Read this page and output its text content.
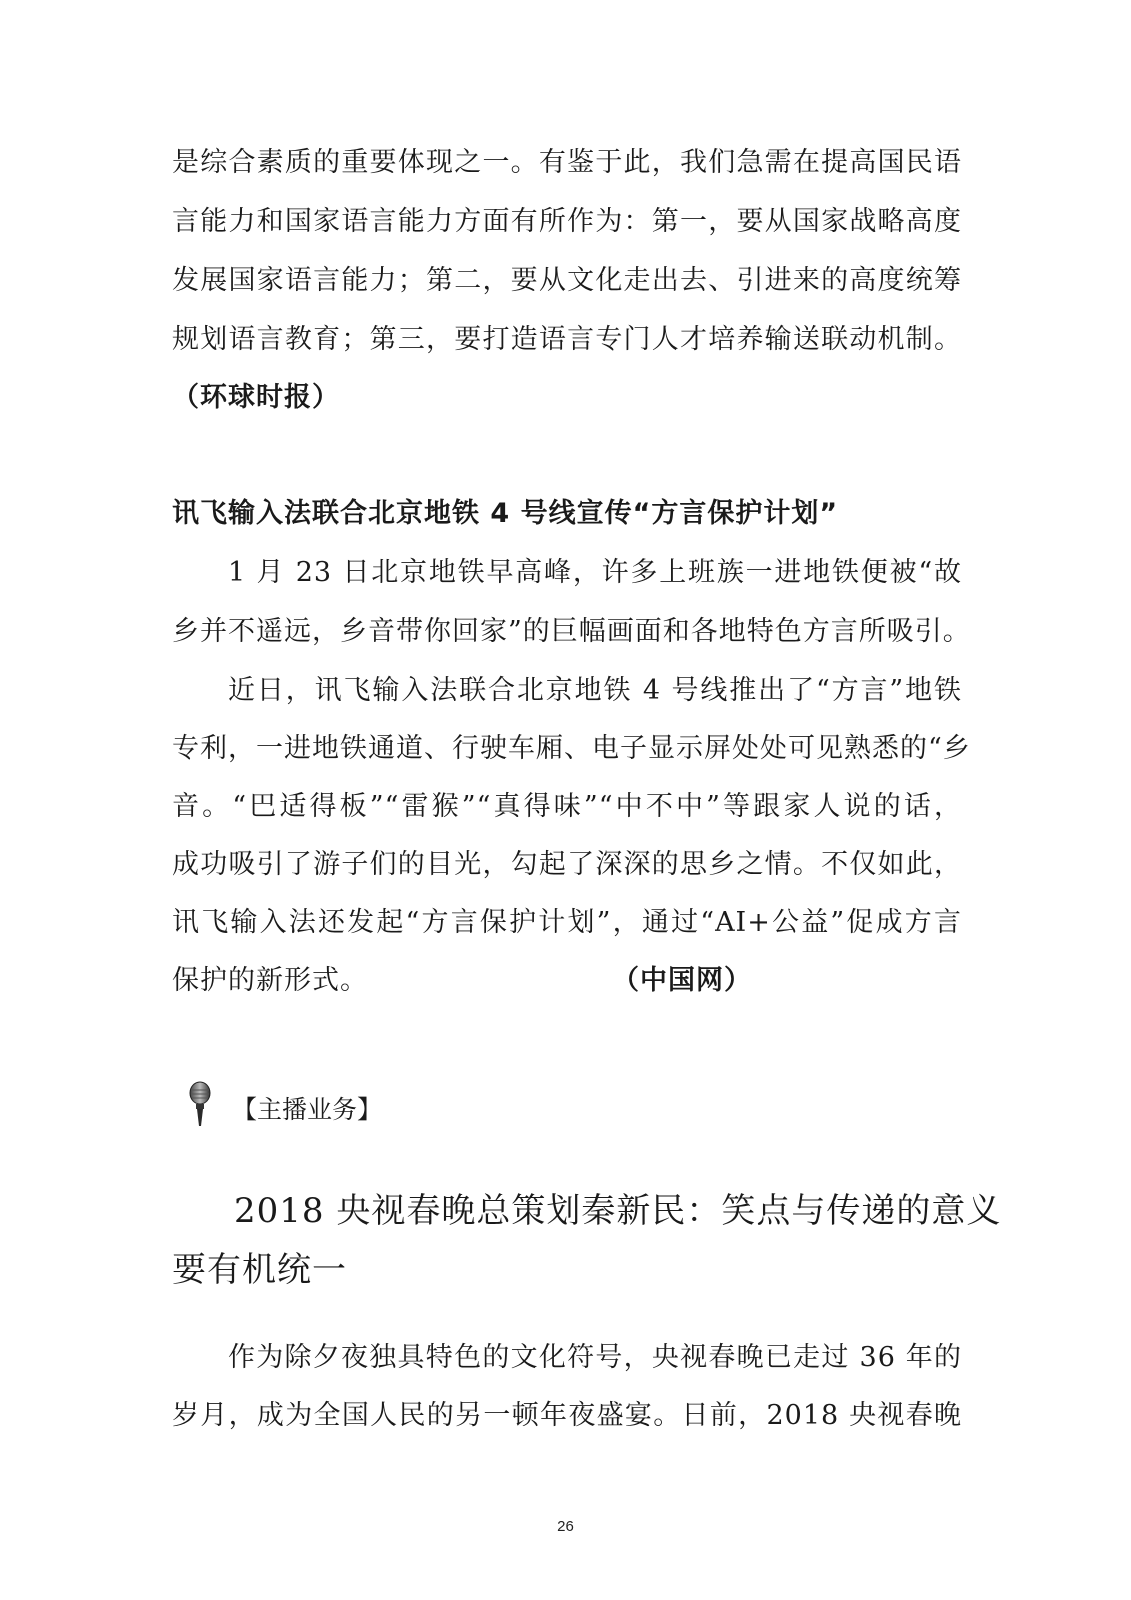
是综合素质的重要体现之一。有鉴于此，我们急需在提高国民语
言能力和国家语言能力方面有所作为：第一，要从国家战略高度
发展国家语言能力；第二，要从文化走出去、引进来的高度统筹
规划语言教育；第三，要打造语言专门人才培养输送联动机制。
（环球时报）
讯飞输入法联合北京地铁 4 号线宣传“方言保护计划”
1 月 23 日北京地铁早高峰，许多上班族一进地铁便被“故
乡并不遥远，乡音带你回家”的巨幅画面和各地特色方言所吸引。
近日，讯飞输入法联合北京地铁 4 号线推出了“方言”地铁
专利，一进地铁通道、行驶车厢、电子显示屏处处可见熟悉的“乡
音。“巴适得板”“雷猴”“真得味”“中不中”等跟家人说的话，
成功吸引了游子们的目光，勾起了深深的思乡之情。不仅如此，
讯飞输入法还发起“方言保护计划”，通过“AI+公益”促成方言
保护的新形式。	（中国网）
【主播业务】
2018 央视春晚总策划秦新民：笑点与传递的意义
要有机统一
作为除夕夜独具特色的文化符号，央视春晚已走过 36 年的
岁月，成为全国人民的另一顿年夜盛宴。日前，2018 央视春晚
26
